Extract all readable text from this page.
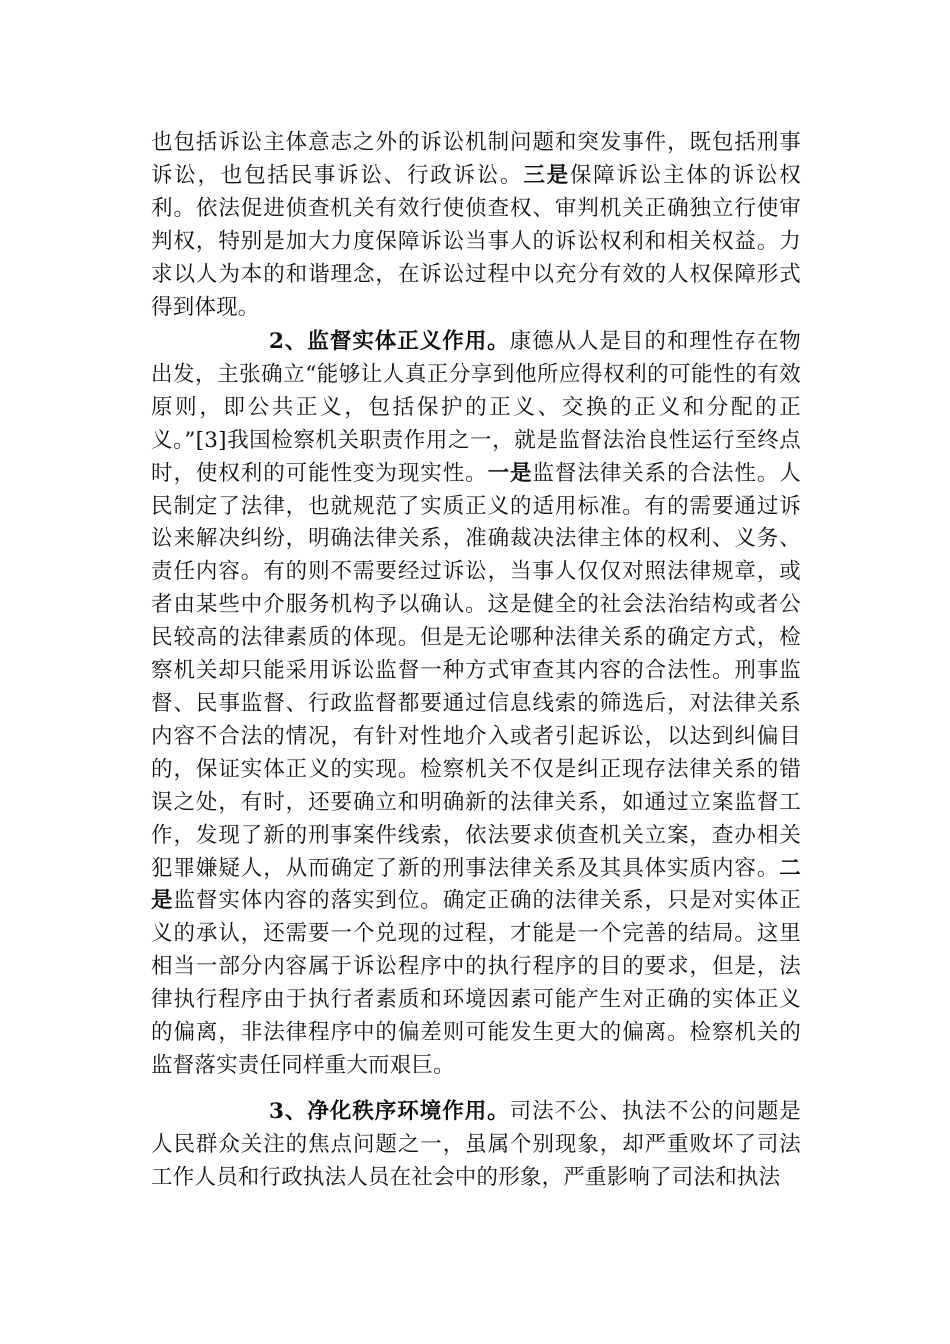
也包括诉讼主体意志之外的诉讼机制问题和突发事件，既包括刑事诉讼，也包括民事诉讼、行政诉讼。三是保障诉讼主体的诉讼权利。依法促进侦查机关有效行使侦查权、审判机关正确独立行使审判权，特别是加大力度保障诉讼当事人的诉讼权利和相关权益。力求以人为本的和谐理念，在诉讼过程中以充分有效的人权保障形式得到体现。

2、监督实体正义作用。康德从人是目的和理性存在物出发，主张确立“能够让人真正分享到他所应得权利的可能性的有效原则，即公共正义，包括保护的正义、交换的正义和分配的正义。”[3]我国检察机关职责作用之一，就是监督法治良性运行至终点时，使权利的可能性变为现实性。一是监督法律关系的合法性。人民制定了法律，也就规范了实质正义的适用标准。有的需要通过诉讼来解决纠纷，明确法律关系，准确裁决法律主体的权利、义务、责任内容。有的则不需要经过诉讼，当事人仅仅对照法律规章，或者由某些中介服务机构予以确认。这是健全的社会法治结构或者公民较高的法律素质的体现。但是无论哪种法律关系的确定方式，检察机关却只能采用诉讼监督一种方式审查其内容的合法性。刑事监督、民事监督、行政监督都要通过信息线索的筛选后，对法律关系内容不合法的情况，有针对性地介入或者引起诉讼，以达到纠偏目的，保证实体正义的实现。检察机关不仅是纠正现存法律关系的错误之处，有时，还要确立和明确新的法律关系，如通过立案监督工作，发现了新的刑事案件线索，依法要求侦查机关立案，查办相关犯罪嫌疑人，从而确定了新的刑事法律关系及其具体实质内容。二是监督实体内容的落实到位。确定正确的法律关系，只是对实体正义的承认，还需要一个兑现的过程，才能是一个完善的结局。这里相当一部分内容属于诉讼程序中的执行程序的目的要求，但是，法律执行程序由于执行者素质和环境因素可能产生对正确的实体正义的偏离，非法律程序中的偏差则可能发生更大的偏离。检察机关的监督落实责任同样重大而艰巨。

3、净化秩序环境作用。司法不公、执法不公的问题是人民群众关注的焦点问题之一，虽属个别现象，却严重败坏了司法工作人员和行政执法人员在社会中的形象，严重影响了司法和执法
